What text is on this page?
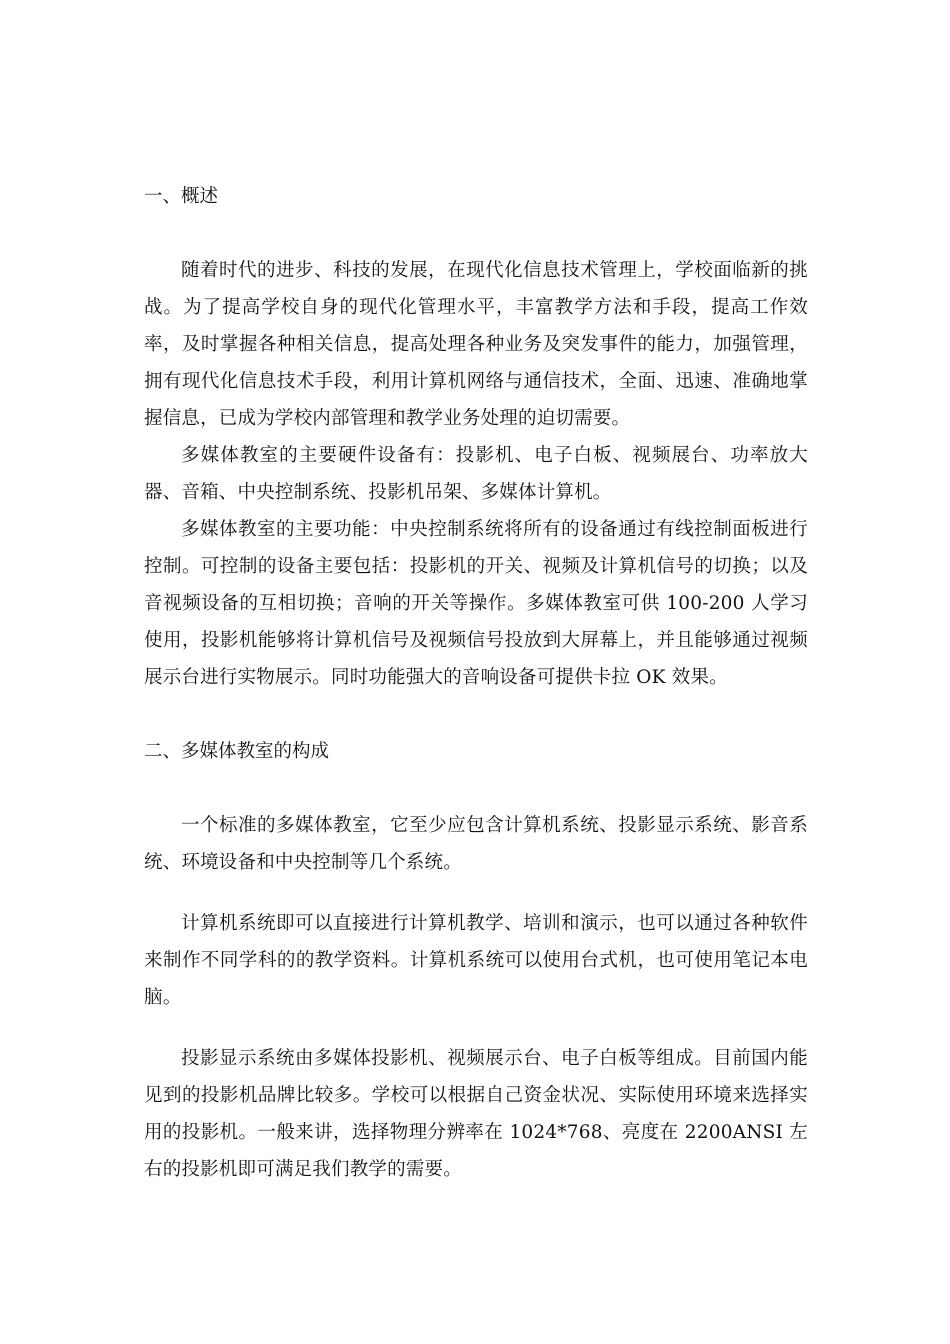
一、概述

随着时代的进步、科技的发展，在现代化信息技术管理上，学校面临新的挑战。为了提高学校自身的现代化管理水平，丰富教学方法和手段，提高工作效率，及时掌握各种相关信息，提高处理各种业务及突发事件的能力，加强管理，拥有现代化信息技术手段，利用计算机网络与通信技术，全面、迅速、准确地掌握信息，已成为学校内部管理和教学业务处理的迫切需要。

多媒体教室的主要硬件设备有：投影机、电子白板、视频展台、功率放大器、音箱、中央控制系统、投影机吊架、多媒体计算机。

多媒体教室的主要功能：中央控制系统将所有的设备通过有线控制面板进行控制。可控制的设备主要包括：投影机的开关、视频及计算机信号的切换；以及音视频设备的互相切换；音响的开关等操作。多媒体教室可供 100-200 人学习使用，投影机能够将计算机信号及视频信号投放到大屏幕上，并且能够通过视频展示台进行实物展示。同时功能强大的音响设备可提供卡拉 OK 效果。

二、多媒体教室的构成

一个标准的多媒体教室，它至少应包含计算机系统、投影显示系统、影音系统、环境设备和中央控制等几个系统。

计算机系统即可以直接进行计算机教学、培训和演示，也可以通过各种软件来制作不同学科的的教学资料。计算机系统可以使用台式机，也可使用笔记本电脑。

投影显示系统由多媒体投影机、视频展示台、电子白板等组成。目前国内能见到的投影机品牌比较多。学校可以根据自己资金状况、实际使用环境来选择实用的投影机。一般来讲，选择物理分辨率在 1024*768、亮度在 2200ANSI 左右的投影机即可满足我们教学的需要。
